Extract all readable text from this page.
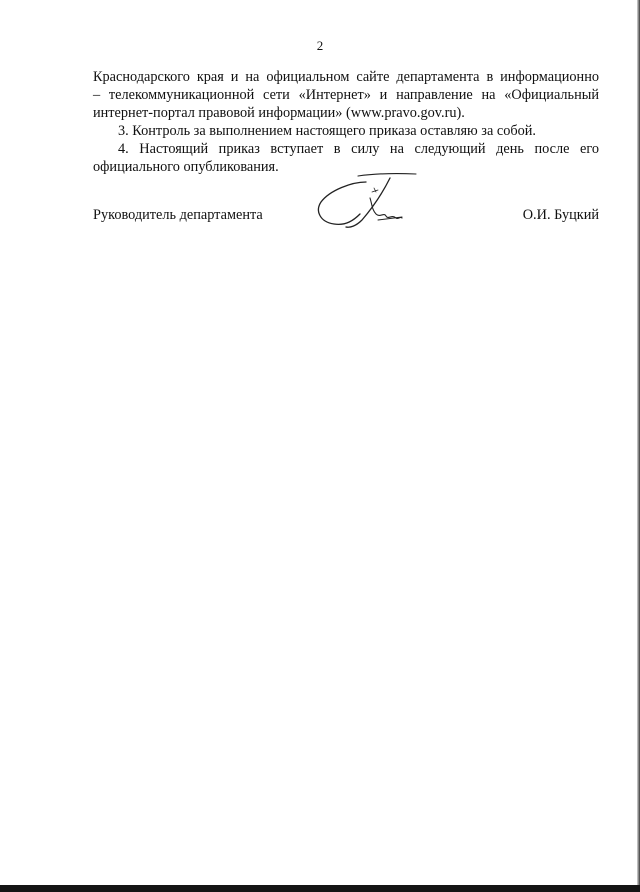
2

Краснодарского края и на официальном сайте департамента в информационно

– телекоммуникационной сети «Интернет» и направление на «Официальный

интернет-портал правовой информации» (www.pravo.gov.ru).

3. Контроль за выполнением настоящего приказа оставляю за собой.

4. Настоящий приказ вступает в силу на следующий день после его

официального опубликования.

Руководитель департамента	О.И. Буцкий
